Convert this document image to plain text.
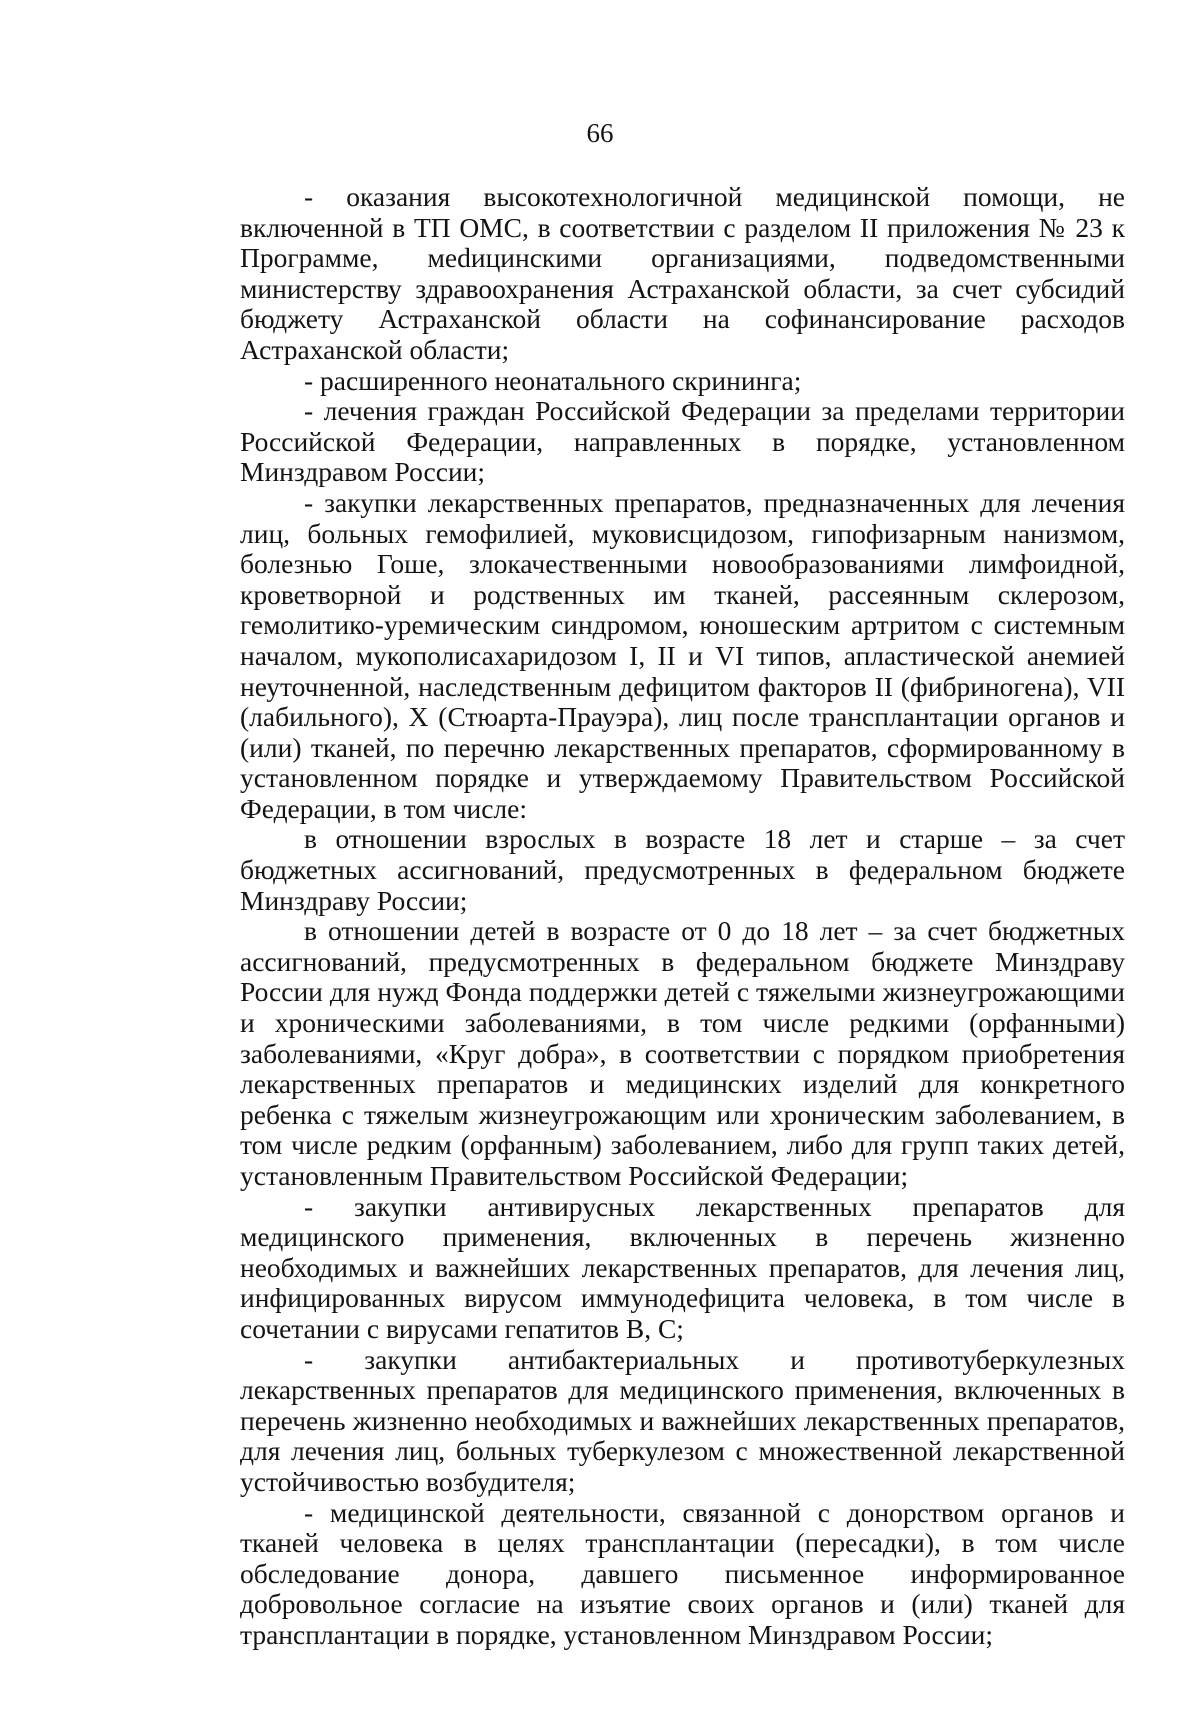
66

- оказания высокотехнологичной медицинской помощи, не включенной в ТП ОМС, в соответствии с разделом II приложения № 23 к Программе, меdицинскими организациями, подведомственными министерству здравоохранения Астраханской области, за счет субсидий бюджету Астраханской области на софинансирование расходов Астраханской области;

- расширенного неонатального скрининга;

- лечения граждан Российской Федерации за пределами территории Российской Федерации, направленных в порядке, установленном Минздравом России;

- закупки лекарственных препаратов, предназначенных для лечения лиц, больных гемофилией, муковисцидозом, гипофизарным нанизмом, болезнью Гоше, злокачественными новообразованиями лимфоидной, кроветворной и родственных им тканей, рассеянным склерозом, гемолитико-уремическим синдромом, юношеским артритом с системным началом, мукополисахаридозом I, II и VI типов, апластической анемией неуточненной, наследственным дефицитом факторов II (фибриногена), VII (лабильного), X (Стюарта-Прауэра), лиц после трансплантации органов и (или) тканей, по перечню лекарственных препаратов, сформированному в установленном порядке и утверждаемому Правительством Российской Федерации, в том числе:

в отношении взрослых в возрасте 18 лет и старше – за счет бюджетных ассигнований, предусмотренных в федеральном бюджете Минздраву России;

в отношении детей в возрасте от 0 до 18 лет – за счет бюджетных ассигнований, предусмотренных в федеральном бюджете Минздраву России для нужд Фонда поддержки детей с тяжелыми жизнеугрожающими и хроническими заболеваниями, в том числе редкими (орфанными) заболеваниями, «Круг добра», в соответствии с порядком приобретения лекарственных препаратов и медицинских изделий для конкретного ребенка с тяжелым жизнеугрожающим или хроническим заболеванием, в том числе редким (орфанным) заболеванием, либо для групп таких детей, установленным Правительством Российской Федерации;

- закупки антивирусных лекарственных препаратов для медицинского применения, включенных в перечень жизненно необходимых и важнейших лекарственных препаратов, для лечения лиц, инфицированных вирусом иммунодефицита человека, в том числе в сочетании с вирусами гепатитов B, C;

- закупки антибактериальных и противотуберкулезных лекарственных препаратов для медицинского применения, включенных в перечень жизненно необходимых и важнейших лекарственных препаратов, для лечения лиц, больных туберкулезом с множественной лекарственной устойчивостью возбудителя;

- медицинской деятельности, связанной с донорством органов и тканей человека в целях трансплантации (пересадки), в том числе обследование донора, давшего письменное информированное добровольное согласие на изъятие своих органов и (или) тканей для трансплантации в порядке, установленном Минздравом России;
